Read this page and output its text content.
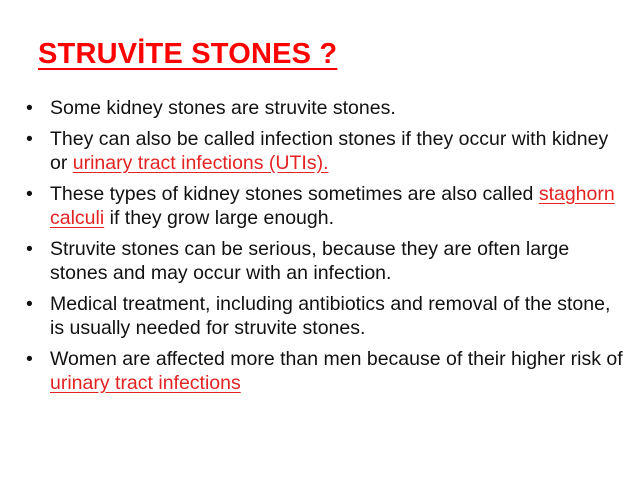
STRUVİTE STONES ?
• Some kidney stones are struvite stones.
• They can also be called infection stones if they occur with kidney or urinary tract infections (UTIs).
• These types of kidney stones sometimes are also called staghorn calculi if they grow large enough.
• Struvite stones can be serious, because they are often large stones and may occur with an infection.
• Medical treatment, including antibiotics and removal of the stone, is usually needed for struvite stones.
• Women are affected more than men because of their higher risk of urinary tract infections
